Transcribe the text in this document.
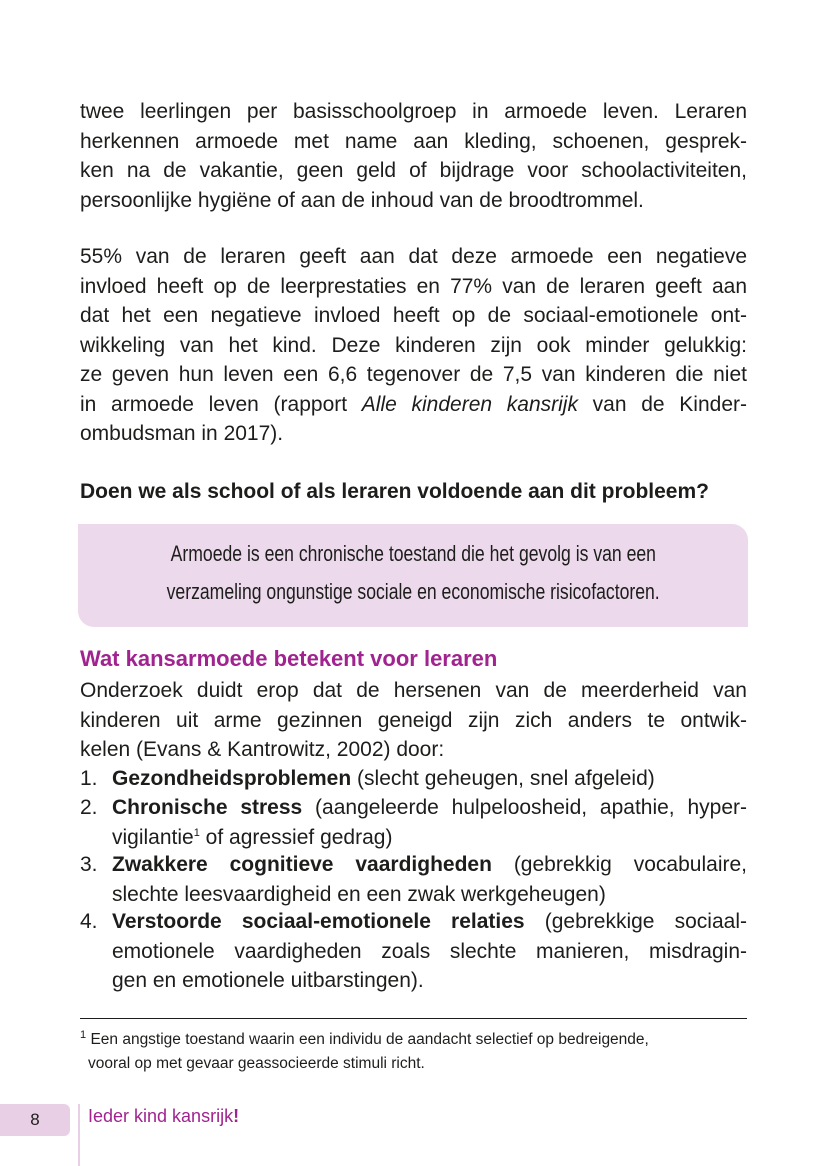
twee leerlingen per basisschoolgroep in armoede leven. Leraren
herkennen armoede met name aan kleding, schoenen, gesprek-
ken na de vakantie, geen geld of bijdrage voor schoolactiviteiten,
persoonlijke hygiëne of aan de inhoud van de broodtrommel.
55% van de leraren geeft aan dat deze armoede een negatieve
invloed heeft op de leerprestaties en 77% van de leraren geeft aan
dat het een negatieve invloed heeft op de sociaal-emotionele ont-
wikkeling van het kind. Deze kinderen zijn ook minder gelukkig:
ze geven hun leven een 6,6 tegenover de 7,5 van kinderen die niet
in armoede leven (rapport Alle kinderen kansrijk van de Kinder-
ombudsman in 2017).
Doen we als school of als leraren voldoende aan dit probleem?
Armoede is een chronische toestand die het gevolg is van een
verzameling ongunstige sociale en economische risicofactoren.
Wat kansarmoede betekent voor leraren
Onderzoek duidt erop dat de hersenen van de meerderheid van
kinderen uit arme gezinnen geneigd zijn zich anders te ontwik-
kelen (Evans & Kantrowitz, 2002) door:
1. Gezondheidsproblemen (slecht geheugen, snel afgeleid)
2. Chronische stress (aangeleerde hulpeloosheid, apathie, hyper-
vigilantie$^1$ of agressief gedrag)
3. Zwakkere cognitieve vaardigheden (gebrekkig vocabulaire,
slechte leesvaardigheid en een zwak werkgeheugen)
4. Verstoorde sociaal-emotionele relaties (gebrekkige sociaal-
emotionele vaardigheden zoals slechte manieren, misdragin-
gen en emotionele uitbarstingen).
$^1$ Een angstige toestand waarin een individu de aandacht selectief op bedreigende,
vooral op met gevaar geassocieerde stimuli richt.
8	Ieder kind kansrijk!
